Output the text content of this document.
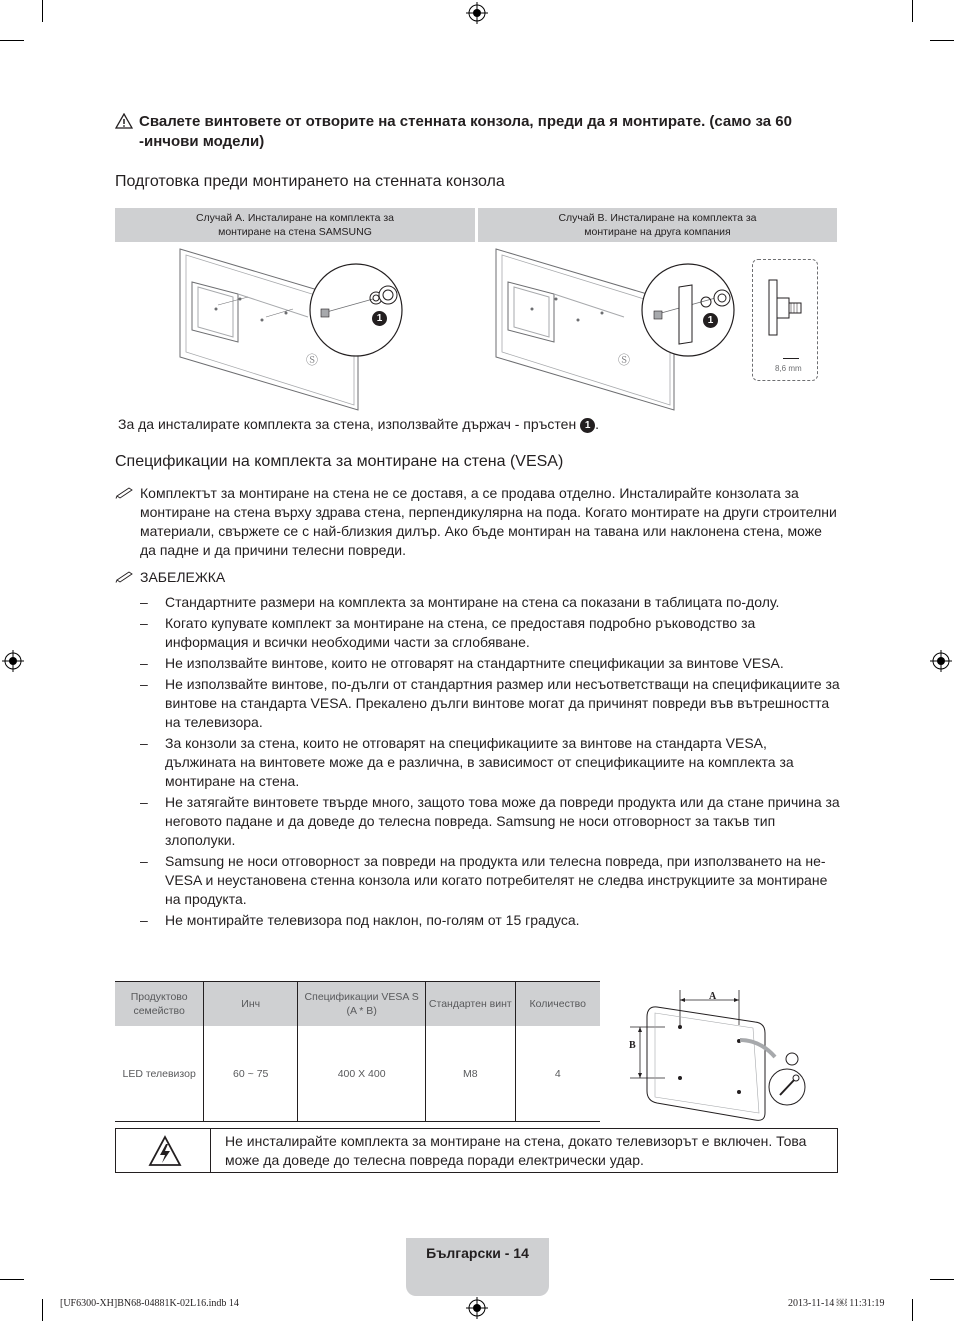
Свалете винтовете от отворите на стенната конзола, преди да я монтирате. (само за 60 -инчови модели)
Подготовка преди монтирането на стенната конзола
Случай A. Инсталиране на комплекта за монтиране на стена SAMSUNG
Случай B. Инсталиране на комплекта за монтиране на друга компания
Ⓢ
1
Ⓢ
1
8,6 mm
За да инсталирате комплекта за стена, използвайте държач - пръстен 1 .
Спецификации на комплекта за монтиране на стена (VESA)
Комплектът за монтиране на стена не се доставя, а се продава отделно. Инсталирайте конзолата за монтиране на стена върху здрава стена, перпендикулярна на пода. Когато монтирате на други строителни материали, свържете се с най-близкия дилър. Ако бъде монтиран на тавана или наклонена стена, може да падне и да причини телесни повреди.
ЗАБЕЛЕЖКА
– Стандартните размери на комплекта за монтиране на стена са показани в таблицата по-долу.
– Когато купувате комплект за монтиране на стена, се предоставя подробно ръководство за информация и всички необходими части за сглобяване.
– Не използвайте винтове, които не отговарят на стандартните спецификации за винтове VESA.
– Не използвайте винтове, по-дълги от стандартния размер или несъответстващи на спецификациите за винтове на стандарта VESA. Прекалено дълги винтове могат да причинят повреди във вътрешността на телевизора.
– За конзоли за стена, които не отговарят на спецификациите за винтове на стандарта VESA, дължината на винтовете може да е различна, в зависимост от спецификациите на комплекта за монтиране на стена.
– Не затягайте винтовете твърде много, защото това може да повреди продукта или да стане причина за неговото падане и да доведе до телесна повреда. Samsung не носи отговорност за такъв тип злополуки.
– Samsung не носи отговорност за повреди на продукта или телесна повреда, при използването на не-VESA и неустановена стенна конзола или когато потребителят не следва инструкциите за монтиране на продукта.
– Не монтирайте телевизора под наклон, по-голям от 15 градуса.
Продуктово семейство	Инч	Спецификации VESA S (A * B)	Стандартен винт	Количество
LED телевизор	60 ~ 75	400 X 400	M8	4
A
B
Не инсталирайте комплекта за монтиране на стена, докато телевизорът е включен. Това може да доведе до телесна повреда поради електрически удар.
Български - 14
[UF6300-XH]BN68-04881K-02L16.indb 14	2013-11-14 ￼ 11:31:19
